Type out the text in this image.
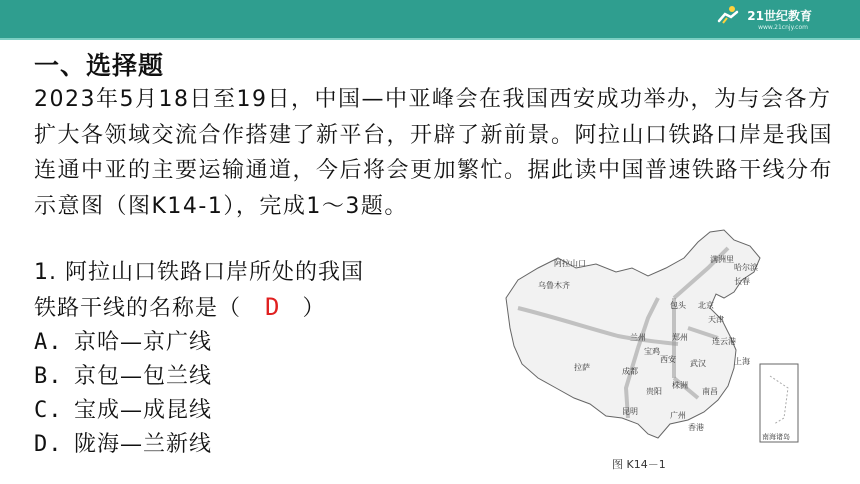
21世纪教育
www.21cnjy.com
一、选择题
2023年5月18日至19日，中国—中亚峰会在我国西安成功举办，为与会各方扩大各领域交流合作搭建了新平台，开辟了新前景。阿拉山口铁路口岸是我国连通中亚的主要运输通道，今后将会更加繁忙。据此读中国普速铁路干线分布示意图（图K14-1），完成1～3题。
1. 阿拉山口铁路口岸所处的我国
铁路干线的名称是（ D ）
A. 京哈—京广线
B. 京包—包兰线
C. 宝成—成昆线
D. 陇海—兰新线
阿拉山口
乌鲁木齐
哈尔滨
长春
包头 北京
天津
兰州	郑州	连云港
宝鸡
西安 武汉	上海
拉萨	成都
贵阳
株洲
南昌
昆明	广州
香港
满洲里
南海诸岛
图 K14－1
